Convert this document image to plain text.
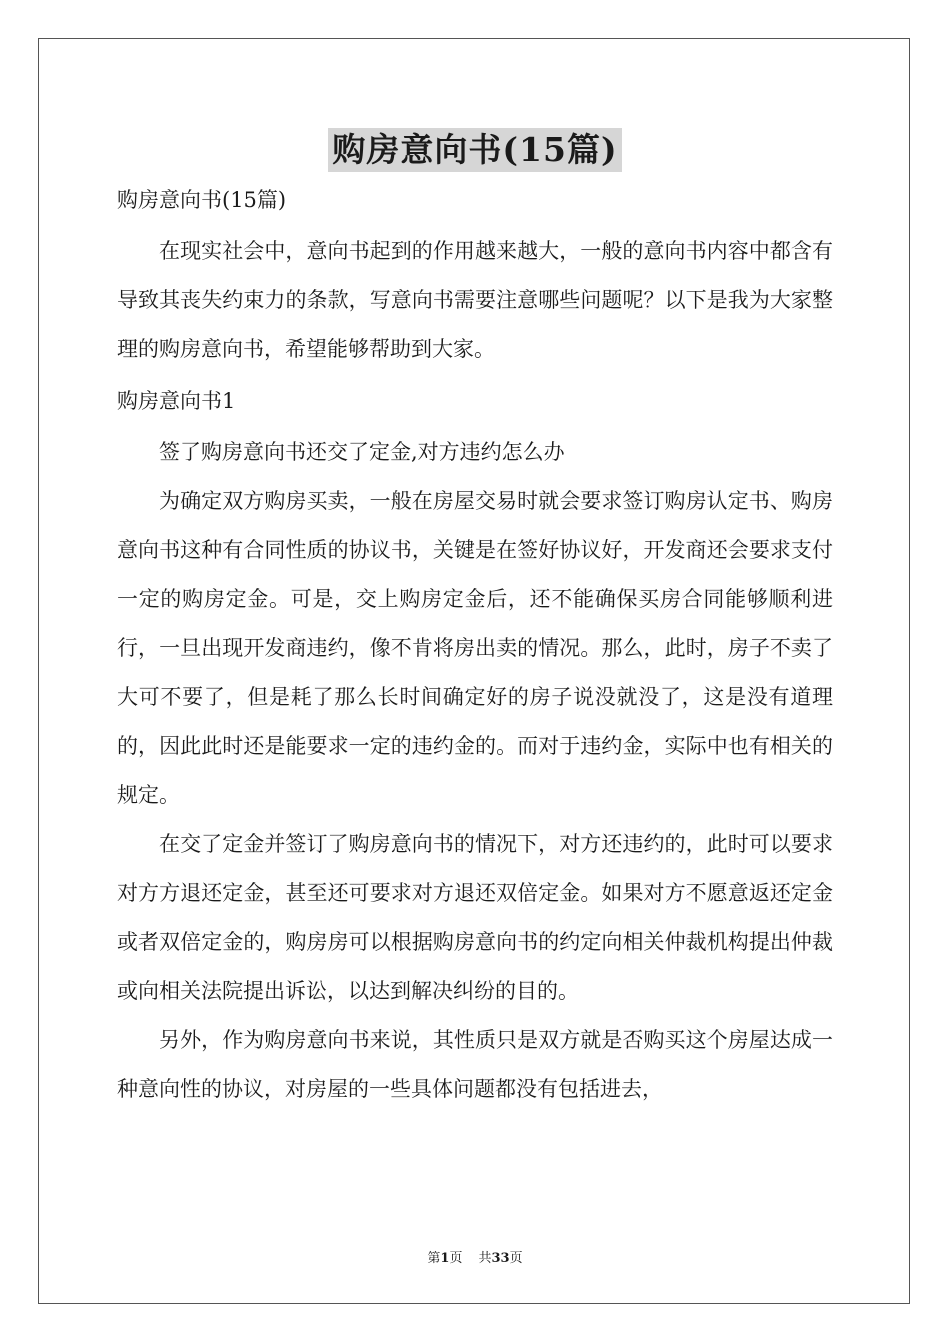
购房意向书(15篇)

购房意向书(15篇)

在现实社会中，意向书起到的作用越来越大，一般的意向书内容中都含有导致其丧失约束力的条款，写意向书需要注意哪些问题呢？以下是我为大家整理的购房意向书，希望能够帮助到大家。

购房意向书1

签了购房意向书还交了定金,对方违约怎么办

为确定双方购房买卖，一般在房屋交易时就会要求签订购房认定书、购房意向书这种有合同性质的协议书，关键是在签好协议好，开发商还会要求支付一定的购房定金。可是，交上购房定金后，还不能确保买房合同能够顺利进行，一旦出现开发商违约，像不肯将房出卖的情况。那么，此时，房子不卖了大可不要了，但是耗了那么长时间确定好的房子说没就没了，这是没有道理的，因此此时还是能要求一定的违约金的。而对于违约金，实际中也有相关的规定。

在交了定金并签订了购房意向书的情况下，对方还违约的，此时可以要求对方方退还定金，甚至还可要求对方退还双倍定金。如果对方不愿意返还定金或者双倍定金的，购房房可以根据购房意向书的约定向相关仲裁机构提出仲裁或向相关法院提出诉讼，以达到解决纠纷的目的。

另外，作为购房意向书来说，其性质只是双方就是否购买这个房屋达成一种意向性的协议，对房屋的一些具体问题都没有包括进去，

第1页 共33页
